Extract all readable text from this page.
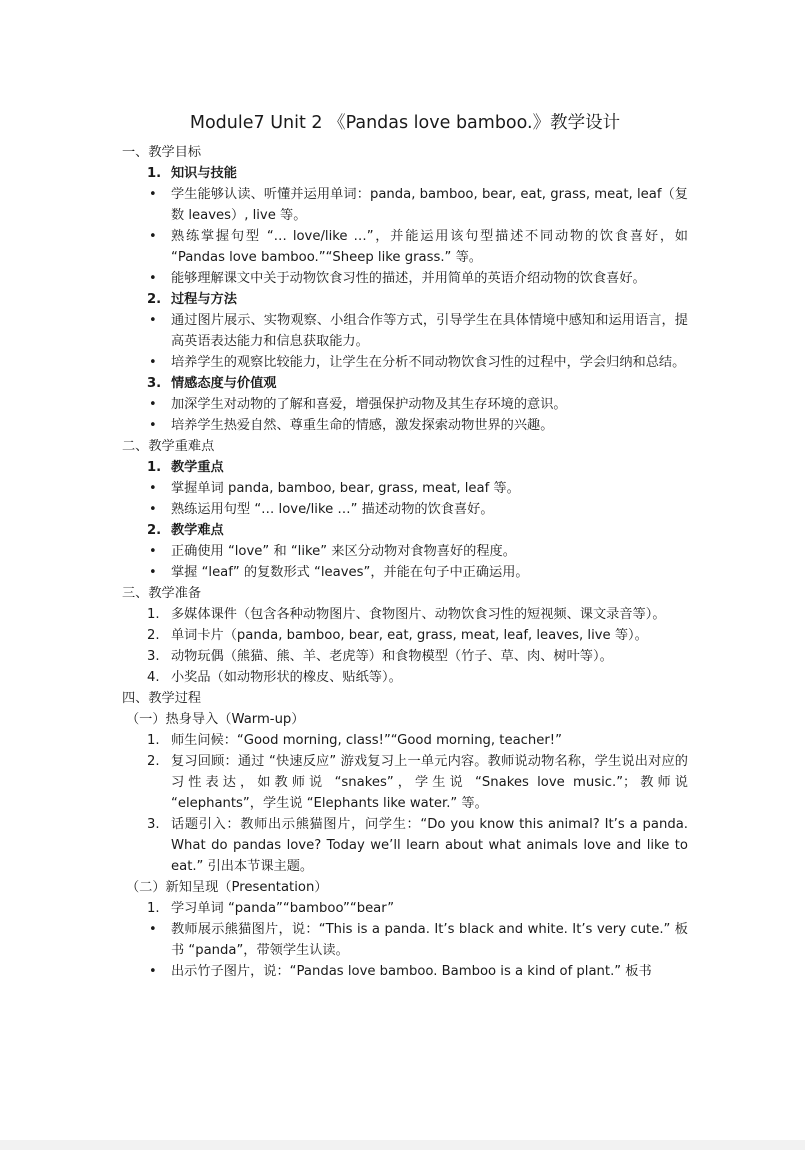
Module7 Unit 2 《Pandas love bamboo.》教学设计
一、教学目标
1. 知识与技能
• 学生能够认读、听懂并运用单词：panda, bamboo, bear, eat, grass, meat, leaf（复数 leaves）, live 等。
• 熟练掌握句型 “… love/like …”，并能运用该句型描述不同动物的饮食喜好，如 “Pandas love bamboo.”“Sheep like grass.” 等。
• 能够理解课文中关于动物饮食习性的描述，并用简单的英语介绍动物的饮食喜好。
2. 过程与方法
• 通过图片展示、实物观察、小组合作等方式，引导学生在具体情境中感知和运用语言，提高英语表达能力和信息获取能力。
• 培养学生的观察比较能力，让学生在分析不同动物饮食习性的过程中，学会归纳和总结。
3. 情感态度与价值观
• 加深学生对动物的了解和喜爱，增强保护动物及其生存环境的意识。
• 培养学生热爱自然、尊重生命的情感，激发探索动物世界的兴趣。
二、教学重难点
1. 教学重点
• 掌握单词 panda, bamboo, bear, grass, meat, leaf 等。
• 熟练运用句型 “… love/like …” 描述动物的饮食喜好。
2. 教学难点
• 正确使用 “love” 和 “like” 来区分动物对食物喜好的程度。
• 掌握 “leaf” 的复数形式 “leaves”，并能在句子中正确运用。
三、教学准备
1. 多媒体课件（包含各种动物图片、食物图片、动物饮食习性的短视频、课文录音等）。
2. 单词卡片（panda, bamboo, bear, eat, grass, meat, leaf, leaves, live 等）。
3. 动物玩偶（熊猫、熊、羊、老虎等）和食物模型（竹子、草、肉、树叶等）。
4. 小奖品（如动物形状的橡皮、贴纸等）。
四、教学过程
（一）热身导入（Warm-up）
1. 师生问候：“Good morning, class!”“Good morning, teacher!”
2. 复习回顾：通过 “快速反应” 游戏复习上一单元内容。教师说动物名称，学生说出对应的习性表达，如教师说 “snakes”，学生说 “Snakes love music.”；教师说 “elephants”，学生说 “Elephants like water.” 等。
3. 话题引入：教师出示熊猫图片，问学生：“Do you know this animal? It’s a panda. What do pandas love? Today we’ll learn about what animals love and like to eat.” 引出本节课主题。
（二）新知呈现（Presentation）
1. 学习单词 “panda”“bamboo”“bear”
• 教师展示熊猫图片，说：“This is a panda. It’s black and white. It’s very cute.” 板书 “panda”，带领学生认读。
• 出示竹子图片，说：“Pandas love bamboo. Bamboo is a kind of plant.” 板书
